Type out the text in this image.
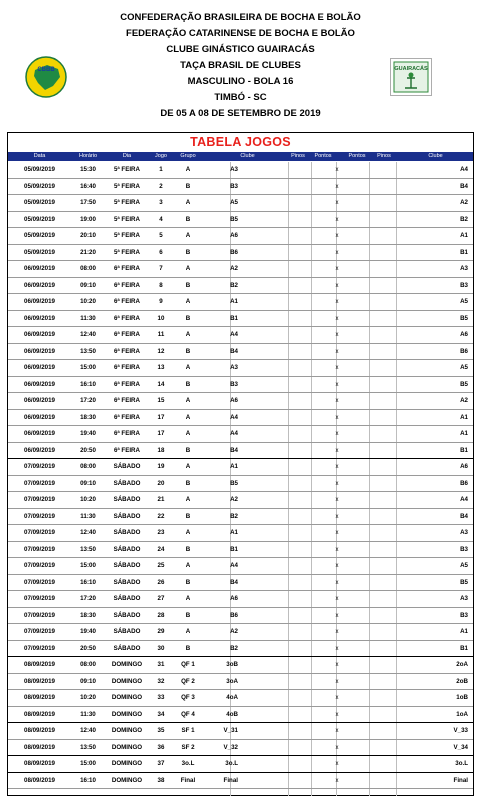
CONFEDERAÇÃO BRASILEIRA DE BOCHA E BOLÃO
FEDERAÇÃO CATARINENSE DE BOCHA E BOLÃO
CLUBE GINÁSTICO GUAIRACÁS
TAÇA BRASIL DE CLUBES
MASCULINO - BOLA 16
TIMBÓ - SC
DE 05 A 08 DE SETEMBRO DE 2019
CBBB	GUAIRACÁS
TABELA JOGOS
Data	Horário	Dia	Jogo	Grupo	Clube	Pinos	Pontos	Pontos	Pinos	Clube
05/09/2019	15:30	5ª FEIRA	1	A	A3	x	A4
05/09/2019	16:40	5ª FEIRA	2	B	B3	x	B4
05/09/2019	17:50	5ª FEIRA	3	A	A5	x	A2
05/09/2019	19:00	5ª FEIRA	4	B	B5	x	B2
05/09/2019	20:10	5ª FEIRA	5	A	A6	x	A1
05/09/2019	21:20	5ª FEIRA	6	B	B6	x	B1
06/09/2019	08:00	6ª FEIRA	7	A	A2	x	A3
06/09/2019	09:10	6ª FEIRA	8	B	B2	x	B3
06/09/2019	10:20	6ª FEIRA	9	A	A1	x	A5
06/09/2019	11:30	6ª FEIRA	10	B	B1	x	B5
06/09/2019	12:40	6ª FEIRA	11	A	A4	x	A6
06/09/2019	13:50	6ª FEIRA	12	B	B4	x	B6
06/09/2019	15:00	6ª FEIRA	13	A	A3	x	A5
06/09/2019	16:10	6ª FEIRA	14	B	B3	x	B5
06/09/2019	17:20	6ª FEIRA	15	A	A6	x	A2
06/09/2019	18:30	6ª FEIRA	17	A	A4	x	A1
06/09/2019	19:40	6ª FEIRA	17	A	A4	x	A1
06/09/2019	20:50	6ª FEIRA	18	B	B4	x	B1
07/09/2019	08:00	SÁBADO	19	A	A1	x	A6
07/09/2019	09:10	SÁBADO	20	B	B5	x	B6
07/09/2019	10:20	SÁBADO	21	A	A2	x	A4
07/09/2019	11:30	SÁBADO	22	B	B2	x	B4
07/09/2019	12:40	SÁBADO	23	A	A1	x	A3
07/09/2019	13:50	SÁBADO	24	B	B1	x	B3
07/09/2019	15:00	SÁBADO	25	A	A4	x	A5
07/09/2019	16:10	SÁBADO	26	B	B4	x	B5
07/09/2019	17:20	SÁBADO	27	A	A6	x	A3
07/09/2019	18:30	SÁBADO	28	B	B6	x	B3
07/09/2019	19:40	SÁBADO	29	A	A2	x	A1
07/09/2019	20:50	SÁBADO	30	B	B2	x	B1
08/09/2019	08:00	DOMINGO	31	QF 1	3oB	x	2oA
08/09/2019	09:10	DOMINGO	32	QF 2	3oA	x	2oB
08/09/2019	10:20	DOMINGO	33	QF 3	4oA	x	1oB
08/09/2019	11:30	DOMINGO	34	QF 4	4oB	x	1oA
08/09/2019	12:40	DOMINGO	35	SF 1	V_31	x	V_33
08/09/2019	13:50	DOMINGO	36	SF 2	V_32	x	V_34
08/09/2019	15:00	DOMINGO	37	3o.L	3o.L	x	3o.L
08/09/2019	16:10	DOMINGO	38	Final	Final	x	Final
